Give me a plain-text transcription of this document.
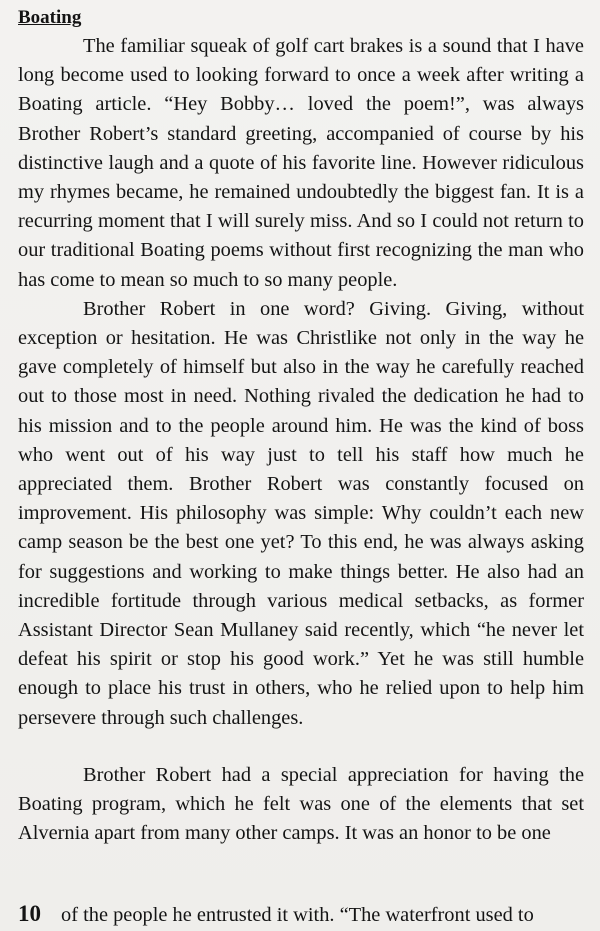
Boating

The familiar squeak of golf cart brakes is a sound that I have long become used to looking forward to once a week after writing a Boating article. “Hey Bobby… loved the poem!”, was always Brother Robert’s standard greeting, accompanied of course by his distinctive laugh and a quote of his favorite line. However ridiculous my rhymes became, he remained undoubtedly the biggest fan. It is a recurring moment that I will surely miss. And so I could not return to our traditional Boating poems without first recognizing the man who has come to mean so much to so many people.

Brother Robert in one word? Giving. Giving, without exception or hesitation. He was Christlike not only in the way he gave completely of himself but also in the way he carefully reached out to those most in need. Nothing rivaled the dedication he had to his mission and to the people around him. He was the kind of boss who went out of his way just to tell his staff how much he appreciated them. Brother Robert was constantly focused on improvement. His philosophy was simple: Why couldn’t each new camp season be the best one yet? To this end, he was always asking for suggestions and working to make things better. He also had an incredible fortitude through various medical setbacks, as former Assistant Director Sean Mullaney said recently, which “he never let defeat his spirit or stop his good work.” Yet he was still humble enough to place his trust in others, who he relied upon to help him persevere through such challenges.

Brother Robert had a special appreciation for having the Boating program, which he felt was one of the elements that set Alvernia apart from many other camps. It was an honor to be one

10 of the people he entrusted it with. “The waterfront used to
